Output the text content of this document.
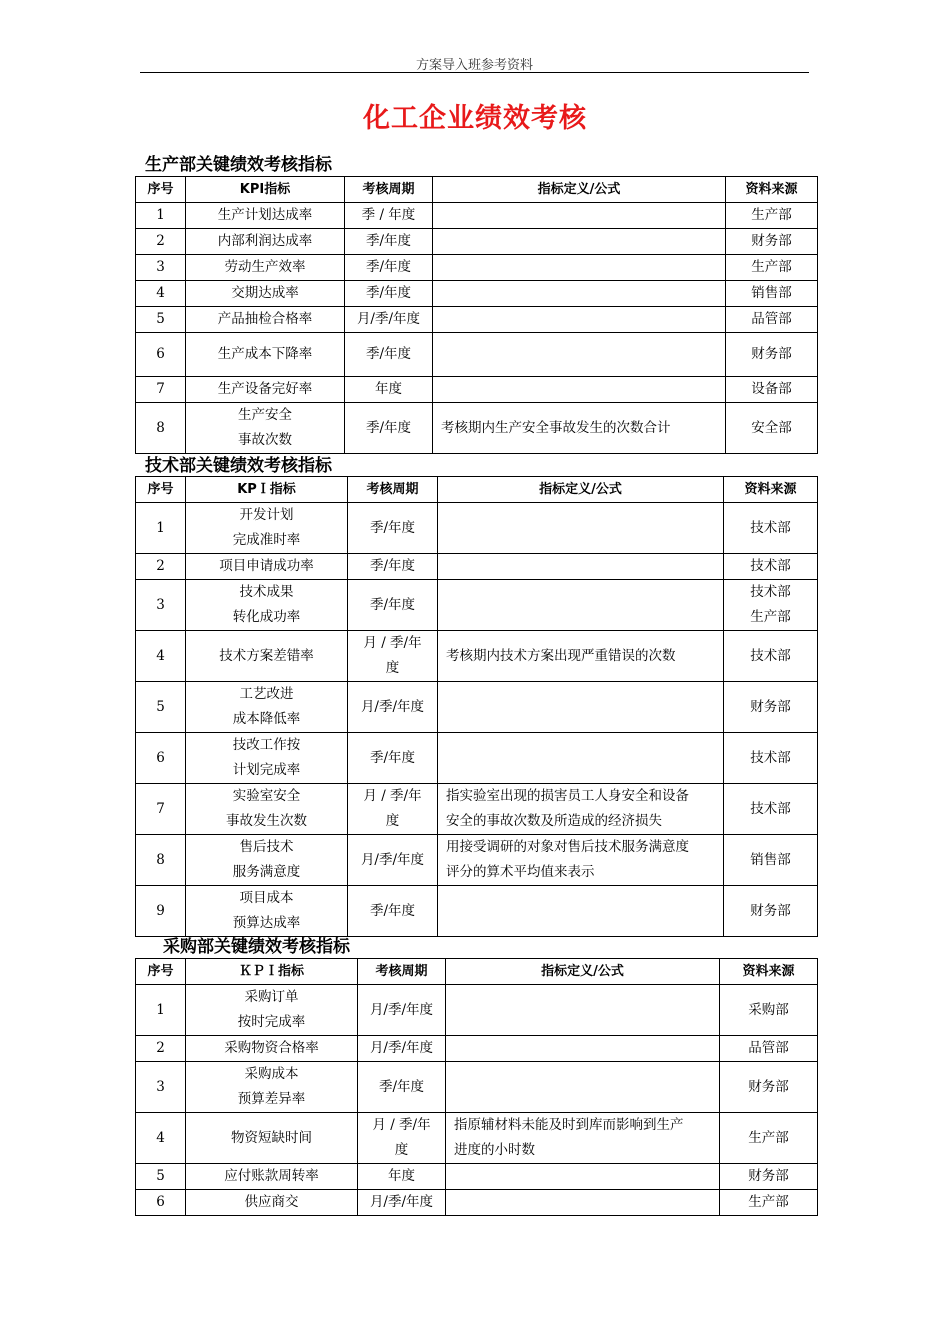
方案导入班参考资料
化工企业绩效考核
生产部关键绩效考核指标
序号	KPI指标	考核周期	指标定义/公式	资料来源
1	生产计划达成率	季 / 年度		生产部
2	内部利润达成率	季/年度		财务部
3	劳动生产效率	季/年度		生产部
4	交期达成率	季/年度		销售部
5	产品抽检合格率	月/季/年度		品管部
6	生产成本下降率	季/年度		财务部
7	生产设备完好率	年度		设备部
8	生产安全
事故次数	季/年度	考核期内生产安全事故发生的次数合计	安全部
技术部关键绩效考核指标
序号	KPＩ指标	考核周期	指标定义/公式	资料来源
1	开发计划
完成准时率	季/年度		技术部
2	项目申请成功率	季/年度		技术部
3	技术成果
转化成功率	季/年度		技术部
生产部
4	技术方案差错率	月 / 季/年
度	考核期内技术方案出现严重错误的次数	技术部
5	工艺改进
成本降低率	月/季/年度		财务部
6	技改工作按
计划完成率	季/年度		技术部
7	实验室安全
事故发生次数	月 / 季/年
度	指实验室出现的损害员工人身安全和设备
安全的事故次数及所造成的经济损失	技术部
8	售后技术
服务满意度	月/季/年度	用接受调研的对象对售后技术服务满意度
评分的算术平均值来表示	销售部
9	项目成本
预算达成率	季/年度		财务部
采购部关键绩效考核指标
序号	ＫＰＩ指标	考核周期	指标定义/公式	资料来源
1	采购订单
按时完成率	月/季/年度		采购部
2	采购物资合格率	月/季/年度		品管部
3	采购成本
预算差异率	季/年度		财务部
4	物资短缺时间	月 / 季/年
度	指原辅材料未能及时到库而影响到生产
进度的小时数	生产部
5	应付账款周转率	年度		财务部
6	供应商交	月/季/年度		生产部
